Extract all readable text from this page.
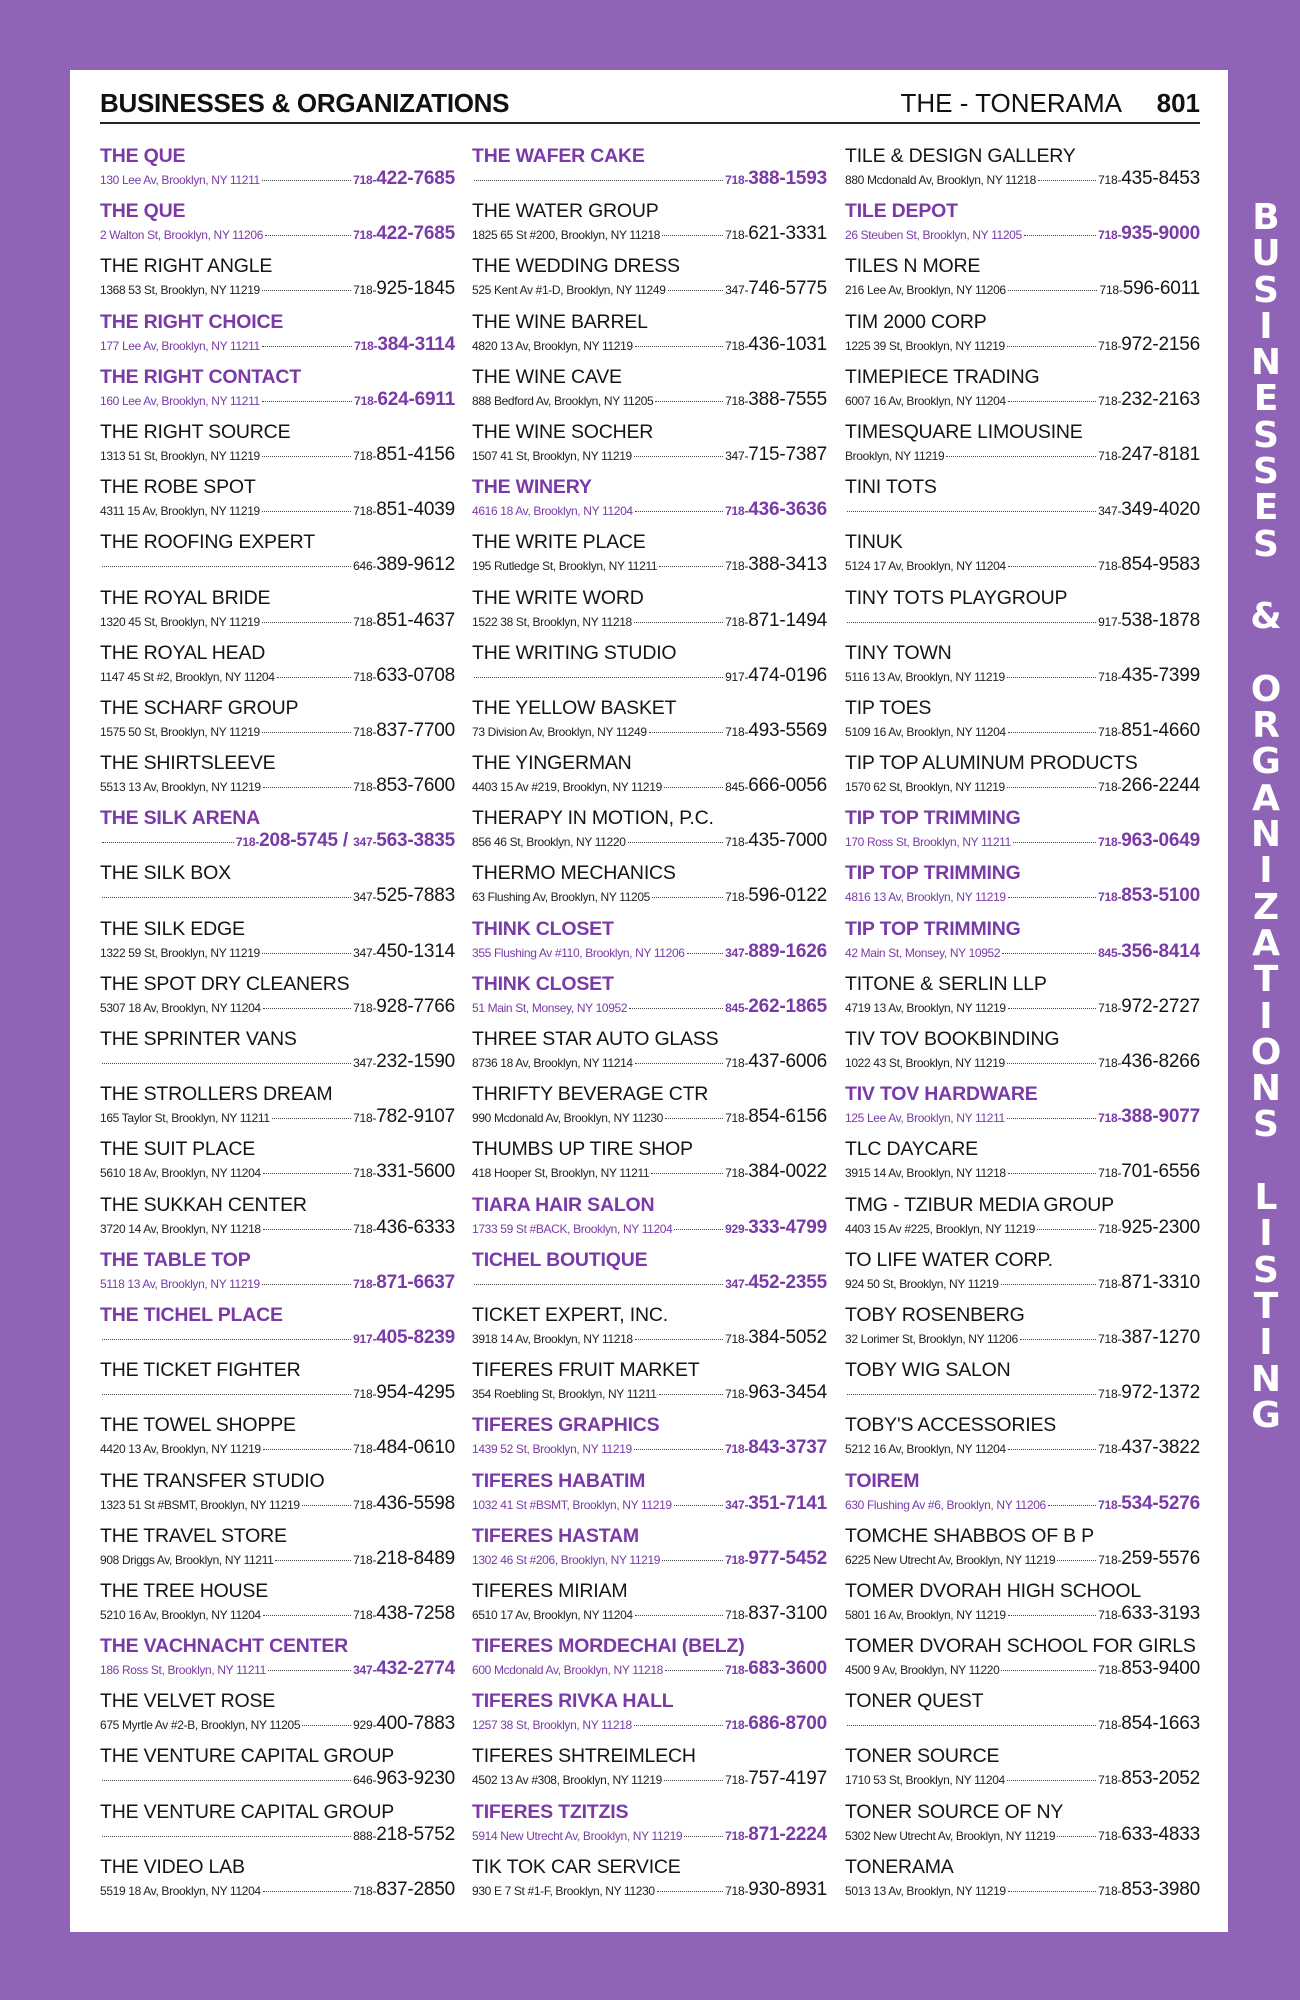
BUSINESSES & ORGANIZATIONS	THE - TONERAMA 801
THE QUE
130 Lee Av, Brooklyn, NY 11211	718-422-7685
THE QUE
2 Walton St, Brooklyn, NY 11206	718-422-7685
THE RIGHT ANGLE
1368 53 St, Brooklyn, NY 11219	718-925-1845
THE RIGHT CHOICE
177 Lee Av, Brooklyn, NY 11211	718-384-3114
THE RIGHT CONTACT
160 Lee Av, Brooklyn, NY 11211	718-624-6911
THE RIGHT SOURCE
1313 51 St, Brooklyn, NY 11219	718-851-4156
THE ROBE SPOT
4311 15 Av, Brooklyn, NY 11219	718-851-4039
THE ROOFING EXPERT
646-389-9612
THE ROYAL BRIDE
1320 45 St, Brooklyn, NY 11219	718-851-4637
THE ROYAL HEAD
1147 45 St #2, Brooklyn, NY 11204	718-633-0708
THE SCHARF GROUP
1575 50 St, Brooklyn, NY 11219	718-837-7700
THE SHIRTSLEEVE
5513 13 Av, Brooklyn, NY 11219	718-853-7600
THE SILK ARENA
718-208-5745 / 347-563-3835
THE SILK BOX
347-525-7883
THE SILK EDGE
1322 59 St, Brooklyn, NY 11219	347-450-1314
THE SPOT DRY CLEANERS
5307 18 Av, Brooklyn, NY 11204	718-928-7766
THE SPRINTER VANS
347-232-1590
THE STROLLERS DREAM
165 Taylor St, Brooklyn, NY 11211	718-782-9107
THE SUIT PLACE
5610 18 Av, Brooklyn, NY 11204	718-331-5600
THE SUKKAH CENTER
3720 14 Av, Brooklyn, NY 11218	718-436-6333
THE TABLE TOP
5118 13 Av, Brooklyn, NY 11219	718-871-6637
THE TICHEL PLACE
917-405-8239
THE TICKET FIGHTER
718-954-4295
THE TOWEL SHOPPE
4420 13 Av, Brooklyn, NY 11219	718-484-0610
THE TRANSFER STUDIO
1323 51 St #BSMT, Brooklyn, NY 11219	718-436-5598
THE TRAVEL STORE
908 Driggs Av, Brooklyn, NY 11211	718-218-8489
THE TREE HOUSE
5210 16 Av, Brooklyn, NY 11204	718-438-7258
THE VACHNACHT CENTER
186 Ross St, Brooklyn, NY 11211	347-432-2774
THE VELVET ROSE
675 Myrtle Av #2-B, Brooklyn, NY 11205	929-400-7883
THE VENTURE CAPITAL GROUP
646-963-9230
THE VENTURE CAPITAL GROUP
888-218-5752
THE VIDEO LAB
5519 18 Av, Brooklyn, NY 11204	718-837-2850
THE WAFER CAKE
718-388-1593
THE WATER GROUP
1825 65 St #200, Brooklyn, NY 11218	718-621-3331
THE WEDDING DRESS
525 Kent Av #1-D, Brooklyn, NY 11249	347-746-5775
THE WINE BARREL
4820 13 Av, Brooklyn, NY 11219	718-436-1031
THE WINE CAVE
888 Bedford Av, Brooklyn, NY 11205	718-388-7555
THE WINE SOCHER
1507 41 St, Brooklyn, NY 11219	347-715-7387
THE WINERY
4616 18 Av, Brooklyn, NY 11204	718-436-3636
THE WRITE PLACE
195 Rutledge St, Brooklyn, NY 11211	718-388-3413
THE WRITE WORD
1522 38 St, Brooklyn, NY 11218	718-871-1494
THE WRITING STUDIO
917-474-0196
THE YELLOW BASKET
73 Division Av, Brooklyn, NY 11249	718-493-5569
THE YINGERMAN
4403 15 Av #219, Brooklyn, NY 11219	845-666-0056
THERAPY IN MOTION, P.C.
856 46 St, Brooklyn, NY 11220	718-435-7000
THERMO MECHANICS
63 Flushing Av, Brooklyn, NY 11205	718-596-0122
THINK CLOSET
355 Flushing Av #110, Brooklyn, NY 11206	347-889-1626
THINK CLOSET
51 Main St, Monsey, NY 10952	845-262-1865
THREE STAR AUTO GLASS
8736 18 Av, Brooklyn, NY 11214	718-437-6006
THRIFTY BEVERAGE CTR
990 Mcdonald Av, Brooklyn, NY 11230	718-854-6156
THUMBS UP TIRE SHOP
418 Hooper St, Brooklyn, NY 11211	718-384-0022
TIARA HAIR SALON
1733 59 St #BACK, Brooklyn, NY 11204	929-333-4799
TICHEL BOUTIQUE
347-452-2355
TICKET EXPERT, INC.
3918 14 Av, Brooklyn, NY 11218	718-384-5052
TIFERES FRUIT MARKET
354 Roebling St, Brooklyn, NY 11211	718-963-3454
TIFERES GRAPHICS
1439 52 St, Brooklyn, NY 11219	718-843-3737
TIFERES HABATIM
1032 41 St #BSMT, Brooklyn, NY 11219	347-351-7141
TIFERES HASTAM
1302 46 St #206, Brooklyn, NY 11219	718-977-5452
TIFERES MIRIAM
6510 17 Av, Brooklyn, NY 11204	718-837-3100
TIFERES MORDECHAI (BELZ)
600 Mcdonald Av, Brooklyn, NY 11218	718-683-3600
TIFERES RIVKA HALL
1257 38 St, Brooklyn, NY 11218	718-686-8700
TIFERES SHTREIMLECH
4502 13 Av #308, Brooklyn, NY 11219	718-757-4197
TIFERES TZITZIS
5914 New Utrecht Av, Brooklyn, NY 11219	718-871-2224
TIK TOK CAR SERVICE
930 E 7 St #1-F, Brooklyn, NY 11230	718-930-8931
TILE & DESIGN GALLERY
880 Mcdonald Av, Brooklyn, NY 11218	718-435-8453
TILE DEPOT
26 Steuben St, Brooklyn, NY 11205	718-935-9000
TILES N MORE
216 Lee Av, Brooklyn, NY 11206	718-596-6011
TIM 2000 CORP
1225 39 St, Brooklyn, NY 11219	718-972-2156
TIMEPIECE TRADING
6007 16 Av, Brooklyn, NY 11204	718-232-2163
TIMESQUARE LIMOUSINE
Brooklyn, NY 11219	718-247-8181
TINI TOTS
347-349-4020
TINUK
5124 17 Av, Brooklyn, NY 11204	718-854-9583
TINY TOTS PLAYGROUP
917-538-1878
TINY TOWN
5116 13 Av, Brooklyn, NY 11219	718-435-7399
TIP TOES
5109 16 Av, Brooklyn, NY 11204	718-851-4660
TIP TOP ALUMINUM PRODUCTS
1570 62 St, Brooklyn, NY 11219	718-266-2244
TIP TOP TRIMMING
170 Ross St, Brooklyn, NY 11211	718-963-0649
TIP TOP TRIMMING
4816 13 Av, Brooklyn, NY 11219	718-853-5100
TIP TOP TRIMMING
42 Main St, Monsey, NY 10952	845-356-8414
TITONE & SERLIN LLP
4719 13 Av, Brooklyn, NY 11219	718-972-2727
TIV TOV BOOKBINDING
1022 43 St, Brooklyn, NY 11219	718-436-8266
TIV TOV HARDWARE
125 Lee Av, Brooklyn, NY 11211	718-388-9077
TLC DAYCARE
3915 14 Av, Brooklyn, NY 11218	718-701-6556
TMG - TZIBUR MEDIA GROUP
4403 15 Av #225, Brooklyn, NY 11219	718-925-2300
TO LIFE WATER CORP.
924 50 St, Brooklyn, NY 11219	718-871-3310
TOBY ROSENBERG
32 Lorimer St, Brooklyn, NY 11206	718-387-1270
TOBY WIG SALON
718-972-1372
TOBY'S ACCESSORIES
5212 16 Av, Brooklyn, NY 11204	718-437-3822
TOIREM
630 Flushing Av #6, Brooklyn, NY 11206	718-534-5276
TOMCHE SHABBOS OF B P
6225 New Utrecht Av, Brooklyn, NY 11219	718-259-5576
TOMER DVORAH HIGH SCHOOL
5801 16 Av, Brooklyn, NY 11219	718-633-3193
TOMER DVORAH SCHOOL FOR GIRLS
4500 9 Av, Brooklyn, NY 11220	718-853-9400
TONER QUEST
718-854-1663
TONER SOURCE
1710 53 St, Brooklyn, NY 11204	718-853-2052
TONER SOURCE OF NY
5302 New Utrecht Av, Brooklyn, NY 11219	718-633-4833
TONERAMA
5013 13 Av, Brooklyn, NY 11219	718-853-3980
B
U
S
I
N
E
S
S
E
S

&

O
R
G
A
N
I
Z
A
T
I
O
N
S

L
I
S
T
I
N
G
